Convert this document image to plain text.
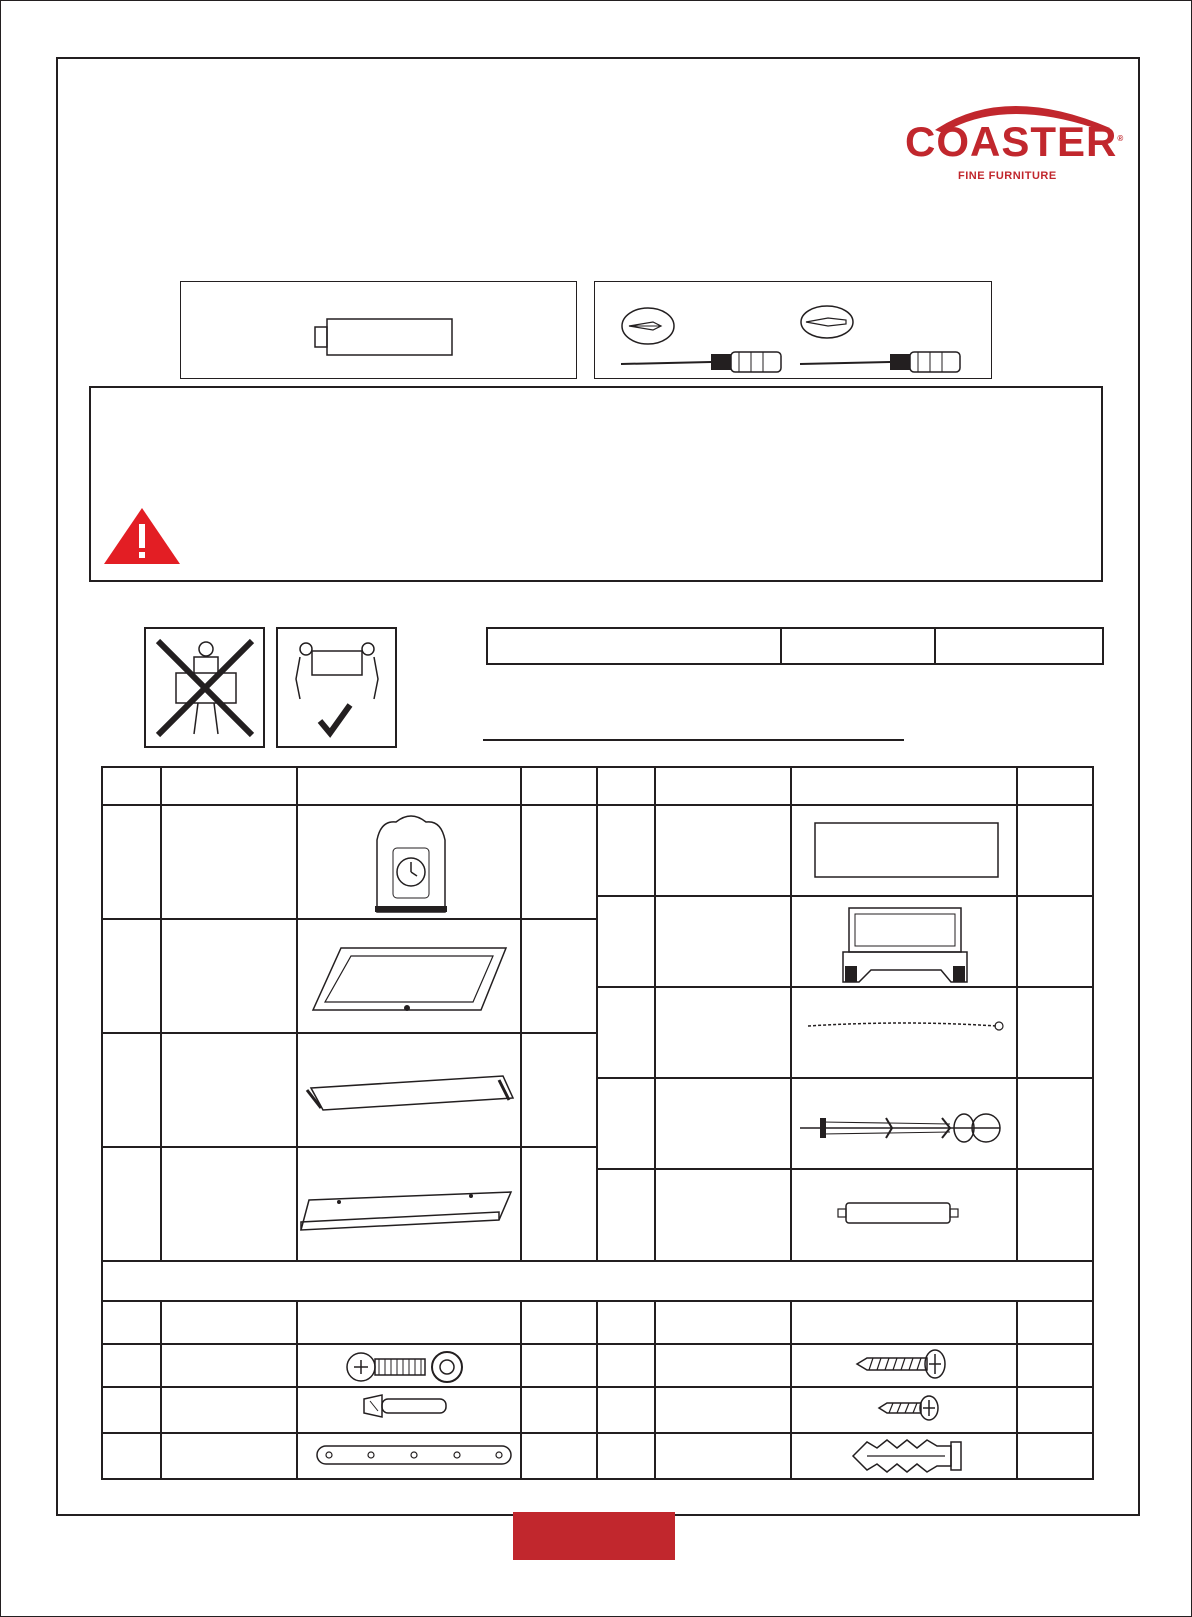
COASTER®
FINE FURNITURE
